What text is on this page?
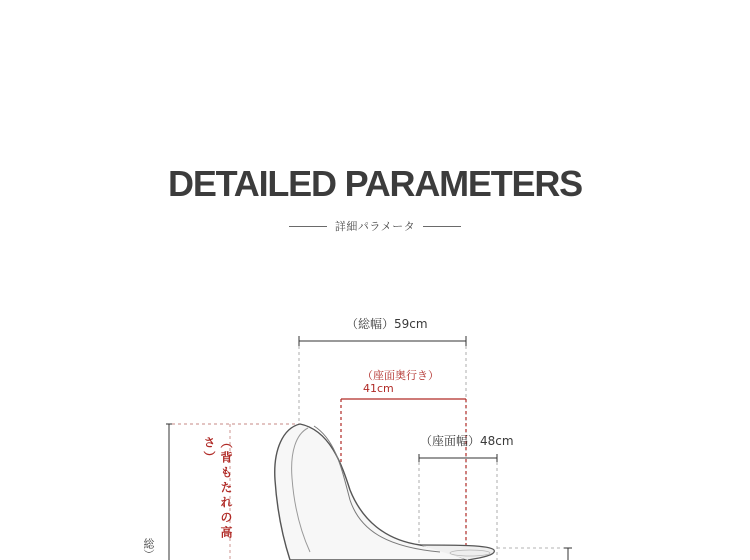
DETAILED PARAMETERS
詳細パラメータ
（総幅）59cm
（座面奥行き）
41cm
（座面幅）48cm
（背もたれの高さ）
総）
